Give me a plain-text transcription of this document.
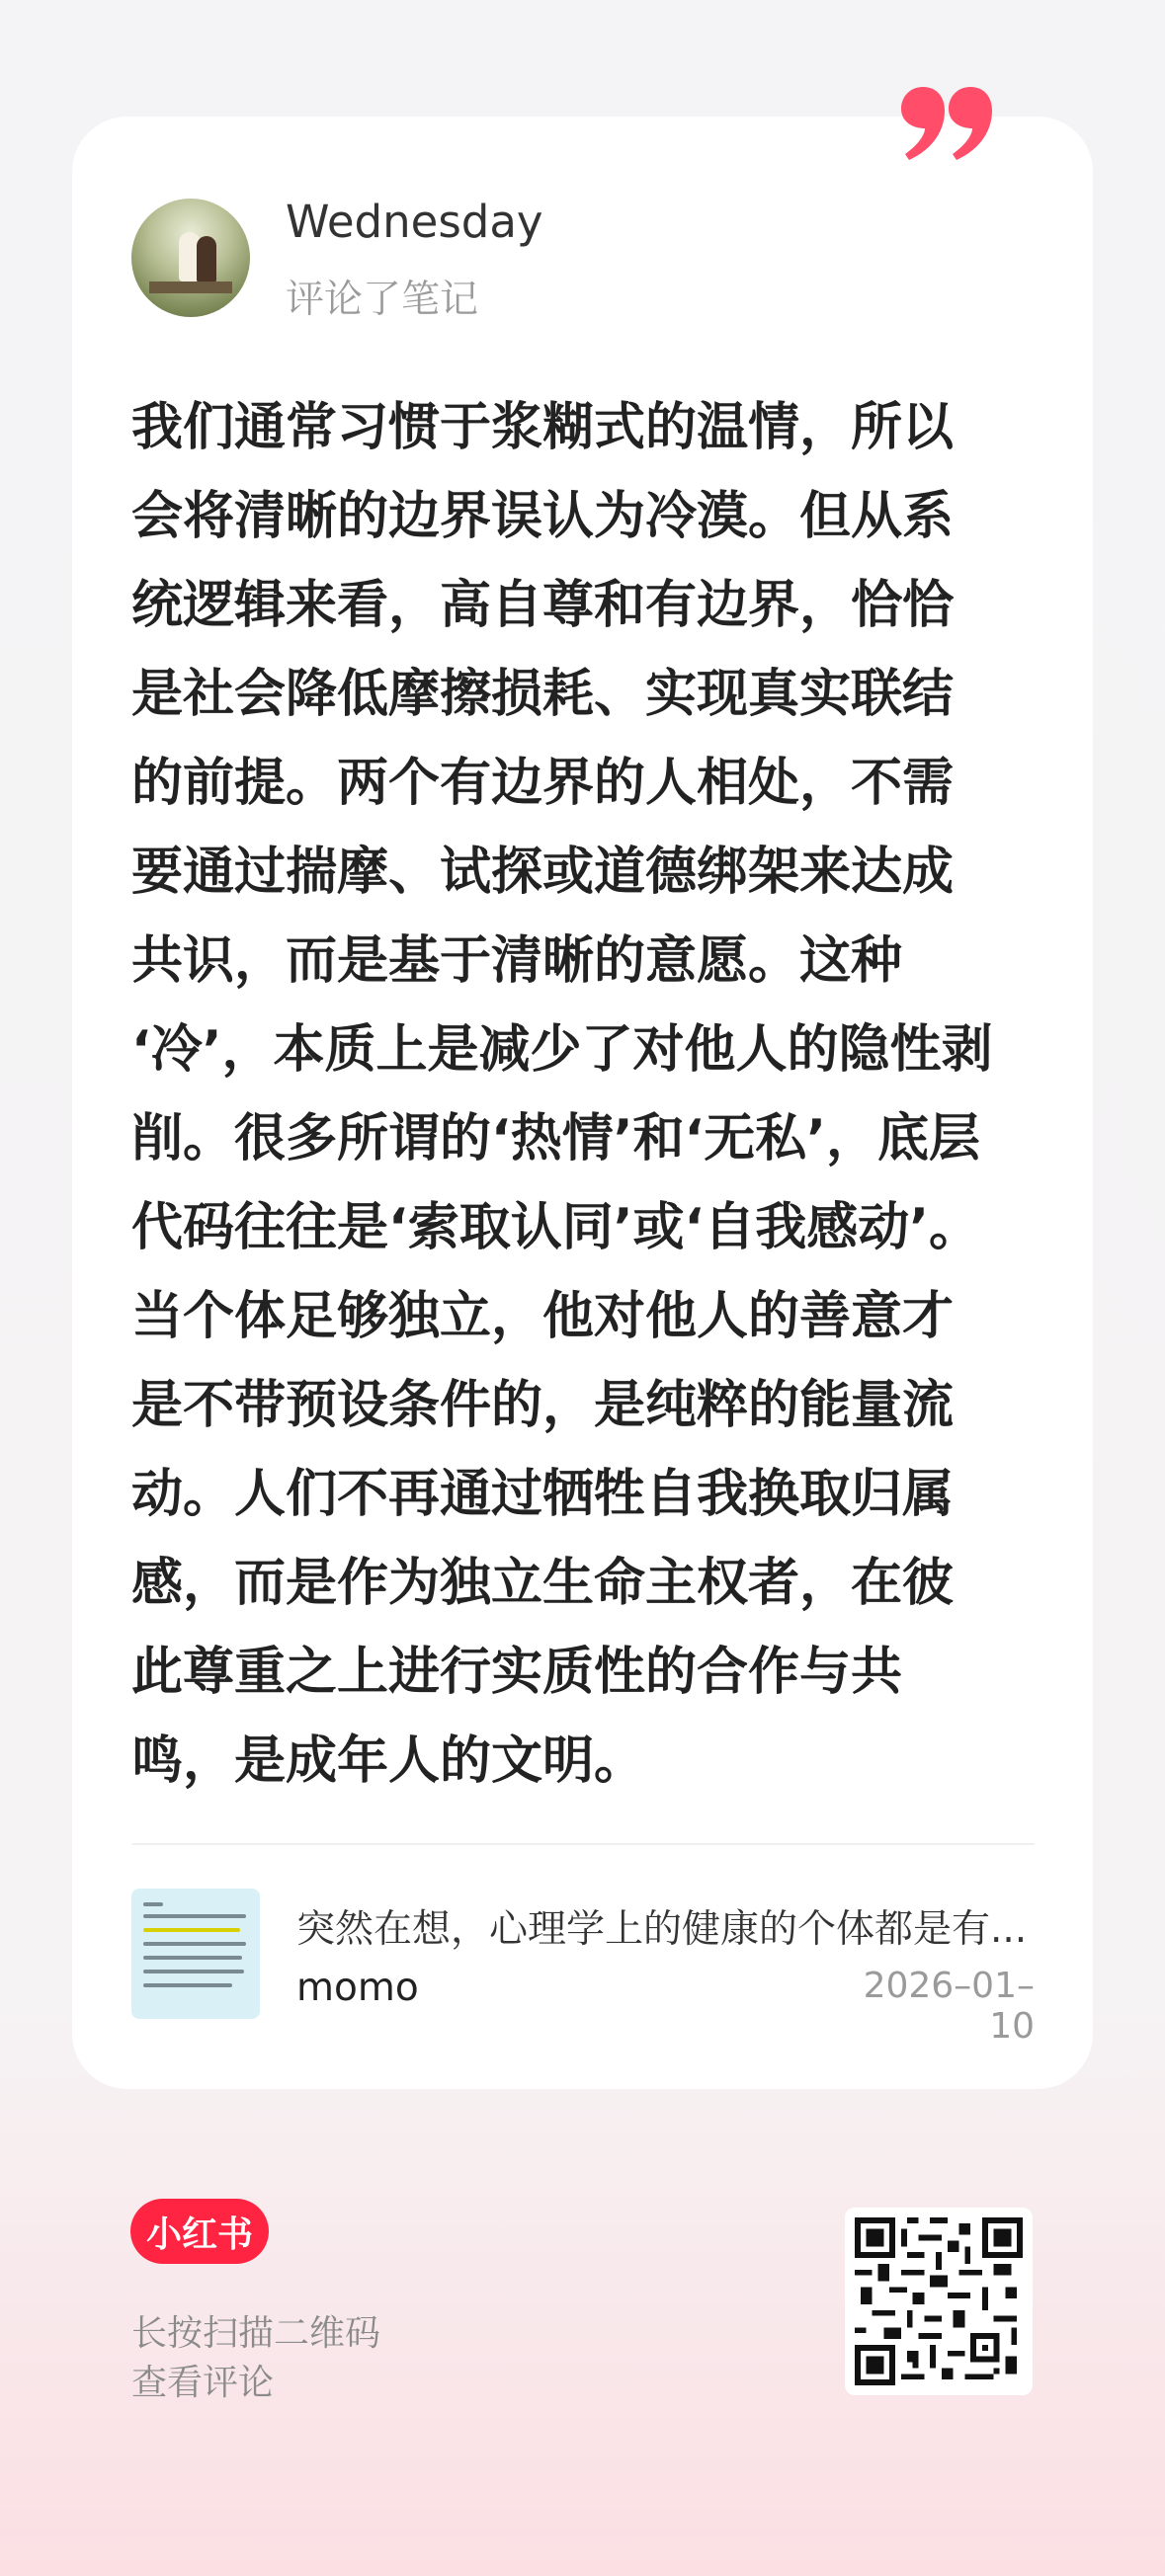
Wednesday
评论了笔记

我们通常习惯于浆糊式的温情，所以
会将清晰的边界误认为冷漠。但从系
统逻辑来看，高自尊和有边界，恰恰
是社会降低摩擦损耗、实现真实联结
的前提。两个有边界的人相处，不需
要通过揣摩、试探或道德绑架来达成
共识，而是基于清晰的意愿。这种
‘冷’，本质上是减少了对他人的隐性剥
削。很多所谓的‘热情’和‘无私’，底层
代码往往是‘索取认同’或‘自我感动’。
当个体足够独立，他对他人的善意才
是不带预设条件的，是纯粹的能量流
动。人们不再通过牺牲自我换取归属
感，而是作为独立生命主权者，在彼
此尊重之上进行实质性的合作与共
鸣，是成年人的文明。

突然在想，心理学上的健康的个体都是有...
momo	2026–01–10
小红书
长按扫描二维码
查看评论
